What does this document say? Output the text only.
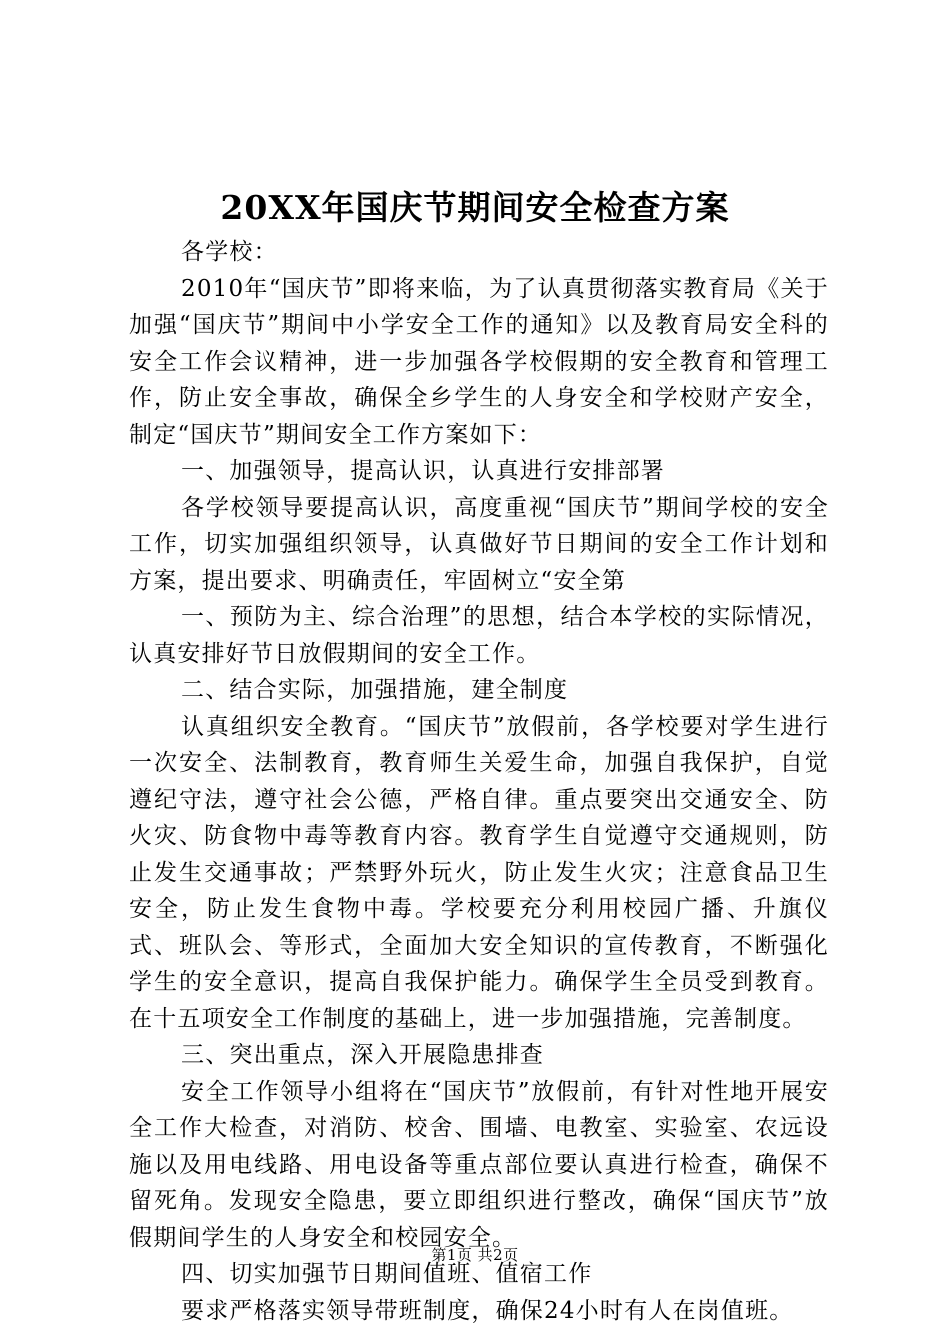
20XX年国庆节期间安全检查方案

各学校：

2010年“国庆节”即将来临，为了认真贯彻落实教育局《关于加强“国庆节”期间中小学安全工作的通知》以及教育局安全科的安全工作会议精神，进一步加强各学校假期的安全教育和管理工作，防止安全事故，确保全乡学生的人身安全和学校财产安全，制定“国庆节”期间安全工作方案如下：

一、加强领导，提高认识，认真进行安排部署

各学校领导要提高认识，高度重视“国庆节”期间学校的安全工作，切实加强组织领导，认真做好节日期间的安全工作计划和方案，提出要求、明确责任，牢固树立“安全第

一、预防为主、综合治理”的思想，结合本学校的实际情况，认真安排好节日放假期间的安全工作。

二、结合实际，加强措施，建全制度

认真组织安全教育。“国庆节”放假前，各学校要对学生进行一次安全、法制教育，教育师生关爱生命，加强自我保护，自觉遵纪守法，遵守社会公德，严格自律。重点要突出交通安全、防火灾、防食物中毒等教育内容。教育学生自觉遵守交通规则，防止发生交通事故；严禁野外玩火，防止发生火灾；注意食品卫生安全，防止发生食物中毒。学校要充分利用校园广播、升旗仪式、班队会、等形式，全面加大安全知识的宣传教育，不断强化学生的安全意识，提高自我保护能力。确保学生全员受到教育。在十五项安全工作制度的基础上，进一步加强措施，完善制度。

三、突出重点，深入开展隐患排查

安全工作领导小组将在“国庆节”放假前，有针对性地开展安全工作大检查，对消防、校舍、围墙、电教室、实验室、农远设施以及用电线路、用电设备等重点部位要认真进行检查，确保不留死角。发现安全隐患，要立即组织进行整改，确保“国庆节”放假期间学生的人身安全和校园安全。

四、切实加强节日期间值班、值宿工作

要求严格落实领导带班制度，确保24小时有人在岗值班。

第1页 共2页
